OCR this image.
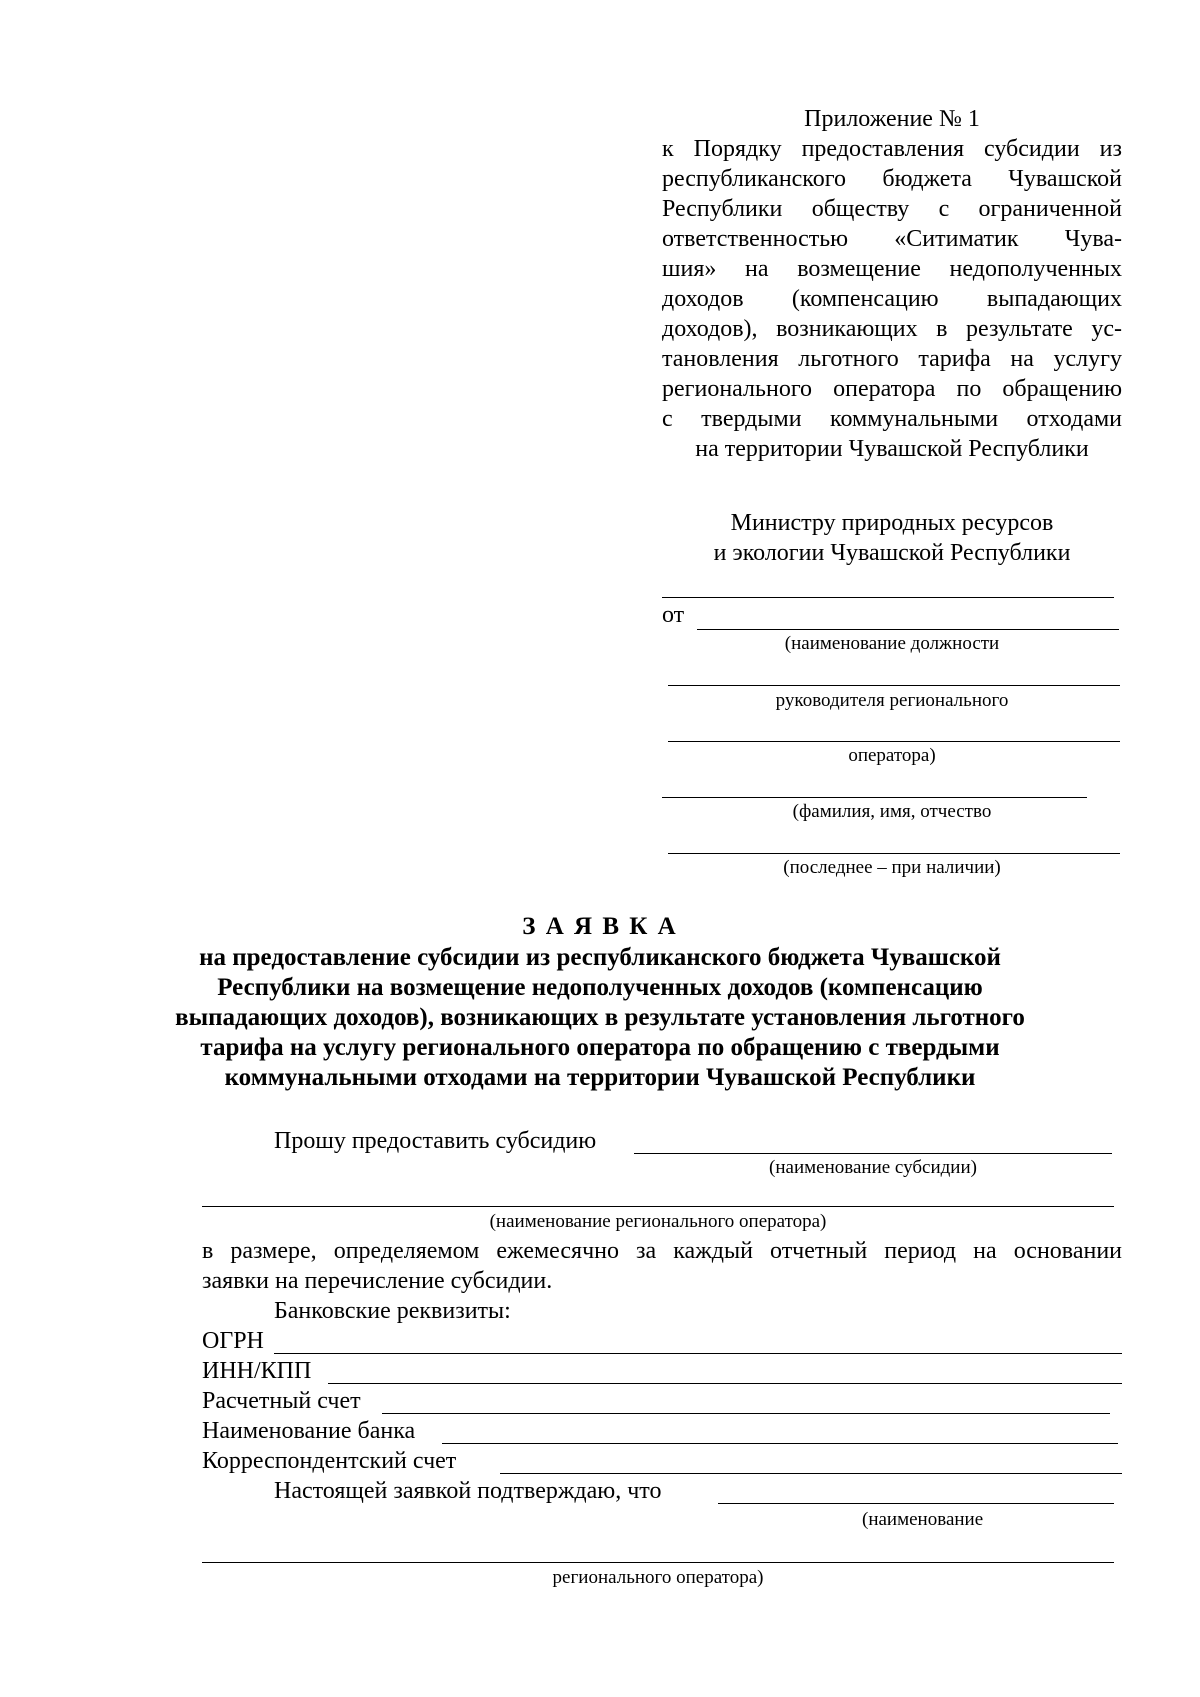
Приложение № 1
к Порядку предоставления субсидии из
республиканского бюджета Чувашской
Республики обществу с ограниченной
ответственностью «Ситиматик Чува-
шия» на возмещение недополученных
доходов (компенсацию выпадающих
доходов), возникающих в результате ус-
тановления льготного тарифа на услугу
регионального оператора по обращению
с твердыми коммунальными отходами
на территории Чувашской Республики
Министру природных ресурсов
и экологии Чувашской Республики
от
(наименование должности
руководителя регионального
оператора)
(фамилия, имя, отчество
(последнее – при наличии)
З А Я В К А
на предоставление субсидии из республиканского бюджета Чувашской
Республики на возмещение недополученных доходов (компенсацию
выпадающих доходов), возникающих в результате установления льготного
тарифа на услугу регионального оператора по обращению с твердыми
коммунальными отходами на территории Чувашской Республики
Прошу предоставить субсидию
(наименование субсидии)
(наименование регионального оператора)
в размере, определяемом ежемесячно за каждый отчетный период на основании
заявки на перечисление субсидии.
Банковские реквизиты:
ОГРН
ИНН/КПП
Расчетный счет
Наименование банка
Корреспондентский счет
Настоящей заявкой подтверждаю, что
(наименование
регионального оператора)
